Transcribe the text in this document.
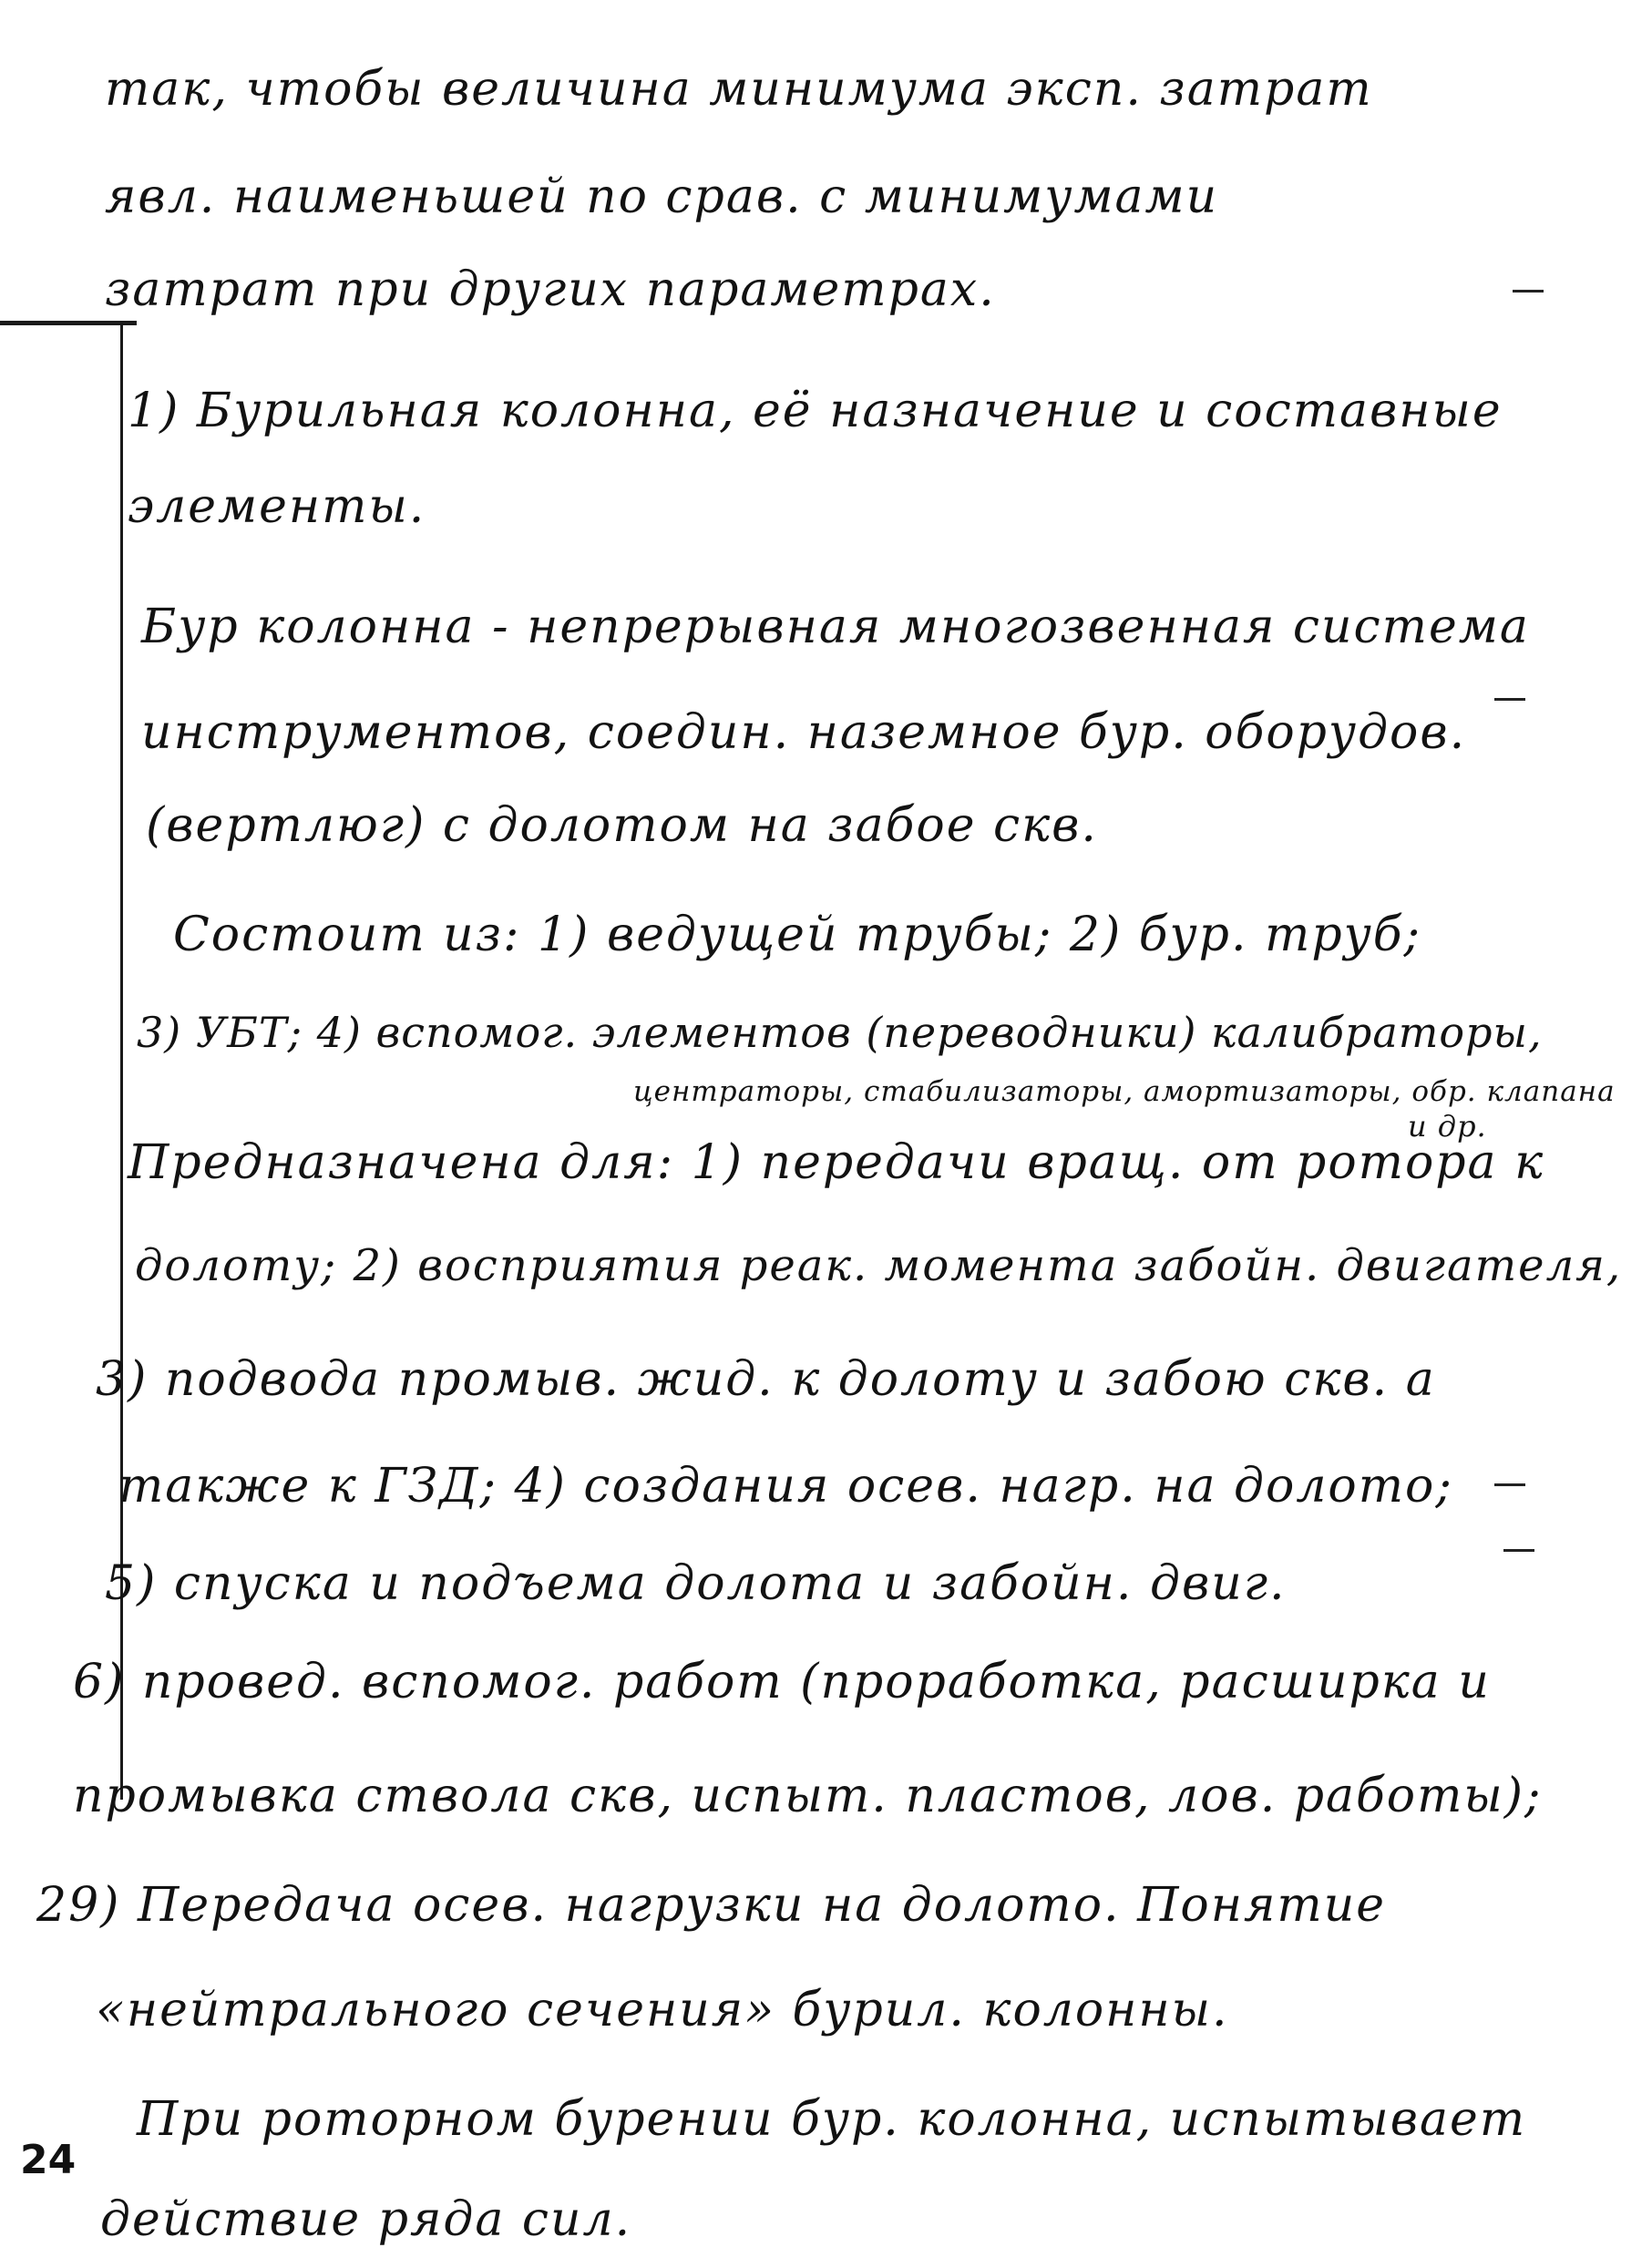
так, чтобы величина минимума эксп. затрат
явл. наименьшей по срав. с минимумами
затрат при других параметрах.
1) Бурильная колонна, её назначение и составные
элементы.
Бур колонна - непрерывная многозвенная система
инструментов, соедин. наземное бур. оборудов.
(вертлюг) с долотом на забое скв.
Состоит из: 1) ведущей трубы; 2) бур. труб;
3) УБТ; 4) вспомог. элементов (переводники) калибраторы,
центраторы, стабилизаторы, амортизаторы, обр. клапана
и др.
Предназначена для: 1) передачи вращ. от ротора к
долоту; 2) восприятия реак. момента забойн. двигателя,
3) подвода промыв. жид. к долоту и забою скв. а
также к ГЗД; 4) создания осев. нагр. на долото;
5) спуска и подъема долота и забойн. двиг.
6) провед. вспомог. работ (проработка, расширка и
промывка ствола скв, испыт. пластов, лов. работы);
29) Передача осев. нагрузки на долото. Понятие
«нейтрального сечения» бурил. колонны.
При роторном бурении бур. колонна, испытывает
действие ряда сил.
24
